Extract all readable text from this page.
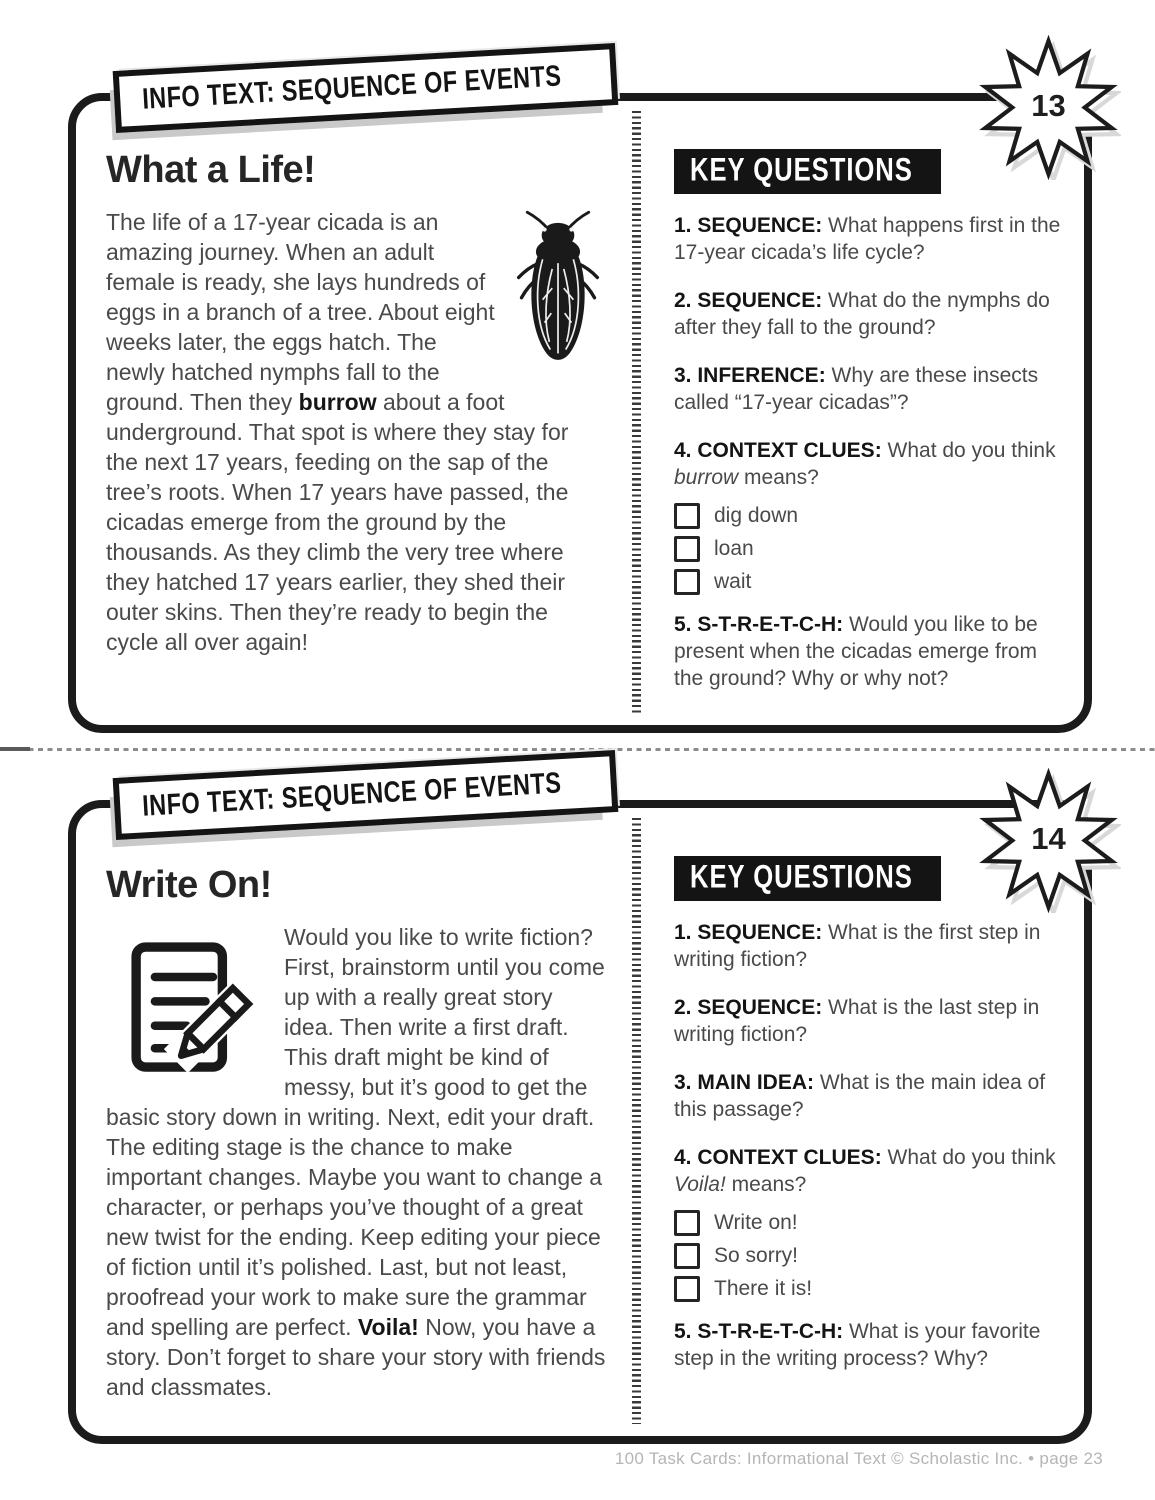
INFO TEXT: SEQUENCE OF EVENTS	13
What a Life!
The life of a 17-year cicada is an amazing journey. When an adult female is ready, she lays hundreds of eggs in a branch of a tree. About eight weeks later, the eggs hatch. The newly hatched nymphs fall to the ground. Then they burrow about a foot underground. That spot is where they stay for the next 17 years, feeding on the sap of the tree’s roots. When 17 years have passed, the cicadas emerge from the ground by the thousands. As they climb the very tree where they hatched 17 years earlier, they shed their outer skins. Then they’re ready to begin the cycle all over again!
KEY QUESTIONS

1. SEQUENCE: What happens first in the 17-year cicada’s life cycle?

2. SEQUENCE: What do the nymphs do after they fall to the ground?

3. INFERENCE: Why are these insects called “17-year cicadas”?

4. CONTEXT CLUES: What do you think burrow means?

dig down
loan
wait

5. S-T-R-E-T-C-H: Would you like to be present when the cicadas emerge from the ground? Why or why not?

INFO TEXT: SEQUENCE OF EVENTS
14
Write On!
Would you like to write fiction? First, brainstorm until you come up with a really great story idea. Then write a first draft. This draft might be kind of messy, but it’s good to get the basic story down in writing. Next, edit your draft. The editing stage is the chance to make important changes. Maybe you want to change a character, or perhaps you’ve thought of a great new twist for the ending. Keep editing your piece of fiction until it’s polished. Last, but not least, proofread your work to make sure the grammar and spelling are perfect. Voila! Now, you have a story. Don’t forget to share your story with friends and classmates.
KEY QUESTIONS

1. SEQUENCE: What is the first step in writing fiction?

2. SEQUENCE: What is the last step in writing fiction?

3. MAIN IDEA: What is the main idea of this passage?

4. CONTEXT CLUES: What do you think Voila! means?

Write on!
So sorry!
There it is!

5. S-T-R-E-T-C-H: What is your favorite step in the writing process? Why?

100 Task Cards: Informational Text © Scholastic Inc. • page 23
